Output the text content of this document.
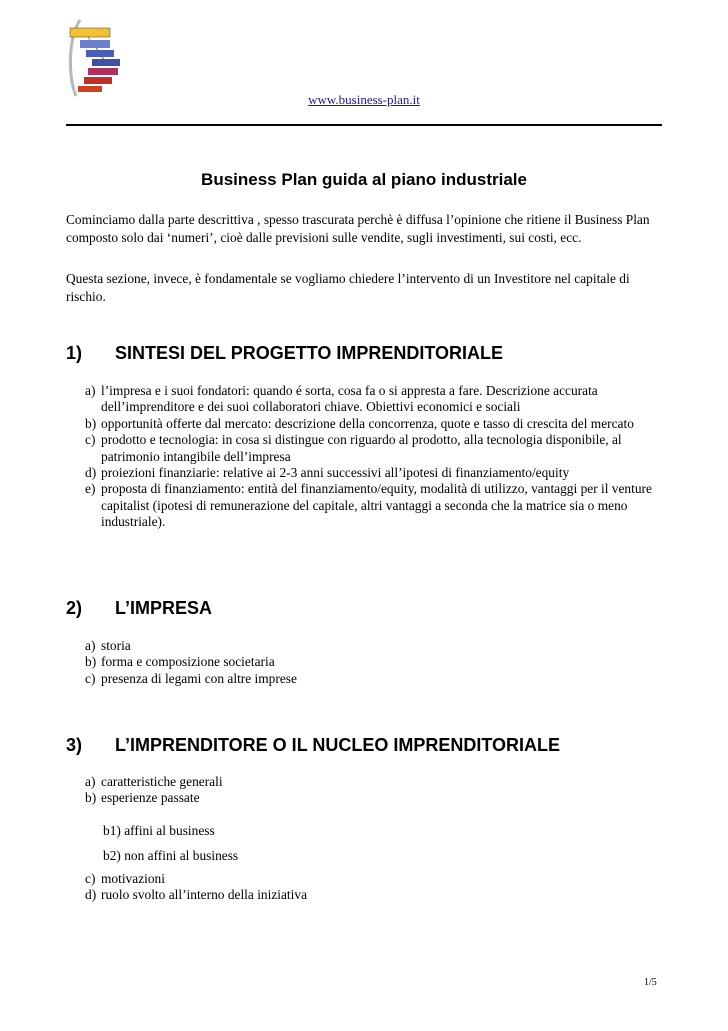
www.business-plan.it
Business Plan guida al piano industriale
Cominciamo dalla parte descrittiva , spesso trascurata perchè è diffusa l’opinione che ritiene il Business Plan composto solo dai ‘numeri’, cioè dalle previsioni sulle vendite, sugli investimenti, sui costi, ecc.
Questa sezione, invece, è fondamentale se vogliamo chiedere l’intervento di un Investitore nel capitale di rischio.
1) SINTESI DEL PROGETTO IMPRENDITORIALE
a) l’impresa e i suoi fondatori: quando é sorta, cosa fa o si appresta a fare. Descrizione accurata dell’imprenditore e dei suoi collaboratori chiave. Obiettivi economici e sociali
b) opportunità offerte dal mercato: descrizione della concorrenza, quote e tasso di crescita del mercato
c) prodotto e tecnologia: in cosa si distingue con riguardo al prodotto, alla tecnologia disponibile, al patrimonio intangibile dell’impresa
d) proiezioni finanziarie: relative ai 2-3 anni successivi all’ipotesi di finanziamento/equity
e) proposta di finanziamento: entità del finanziamento/equity, modalità di utilizzo, vantaggi per il venture capitalist (ipotesi di remunerazione del capitale, altri vantaggi a seconda che la matrice sia o meno industriale).
2) L’IMPRESA
a) storia
b) forma e composizione societaria
c) presenza di legami con altre imprese
3) L’IMPRENDITORE O IL NUCLEO IMPRENDITORIALE
a) caratteristiche generali
b) esperienze passate
b1) affini al business
b2) non affini al business
c) motivazioni
d) ruolo svolto all’interno della iniziativa
1/5
